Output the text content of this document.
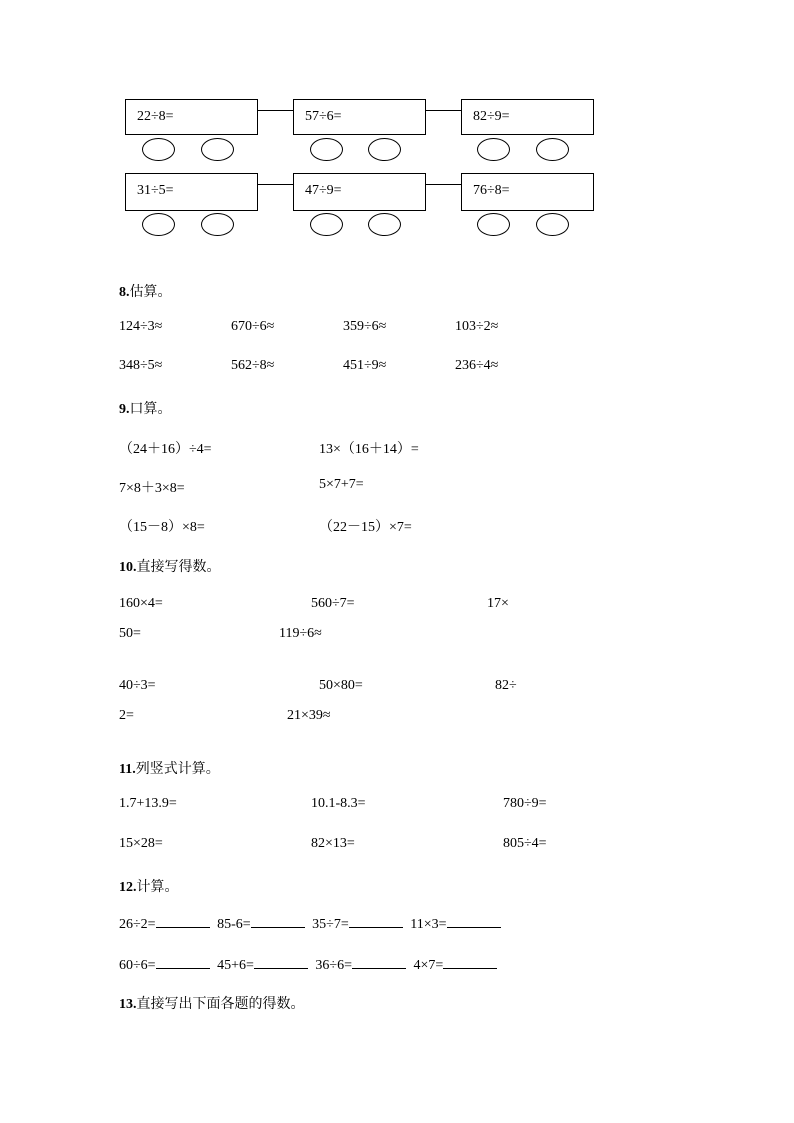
22÷8=	57÷6=	82÷9=
31÷5=	47÷9=	76÷8=
8.估算。
124÷3≈	670÷6≈	359÷6≈	103÷2≈
348÷5≈	562÷8≈	451÷9≈	236÷4≈
9.口算。
（24＋16）÷4=	13×（16＋14）=
7×8＋3×8=	5×7+7=
（15－8）×8=	（22－15）×7=
10.直接写得数。
160×4=	560÷7=	17×
50=	119÷6≈
40÷3=	50×80=	82÷
2=	21×39≈
11.列竖式计算。
1.7+13.9=	10.1-8.3=	780÷9=
15×28=	82×13=	805÷4=
12.计算。
26÷2=	85-6=	35÷7=	11×3=
60÷6=	45+6=	36÷6=	4×7=
13.直接写出下面各题的得数。
